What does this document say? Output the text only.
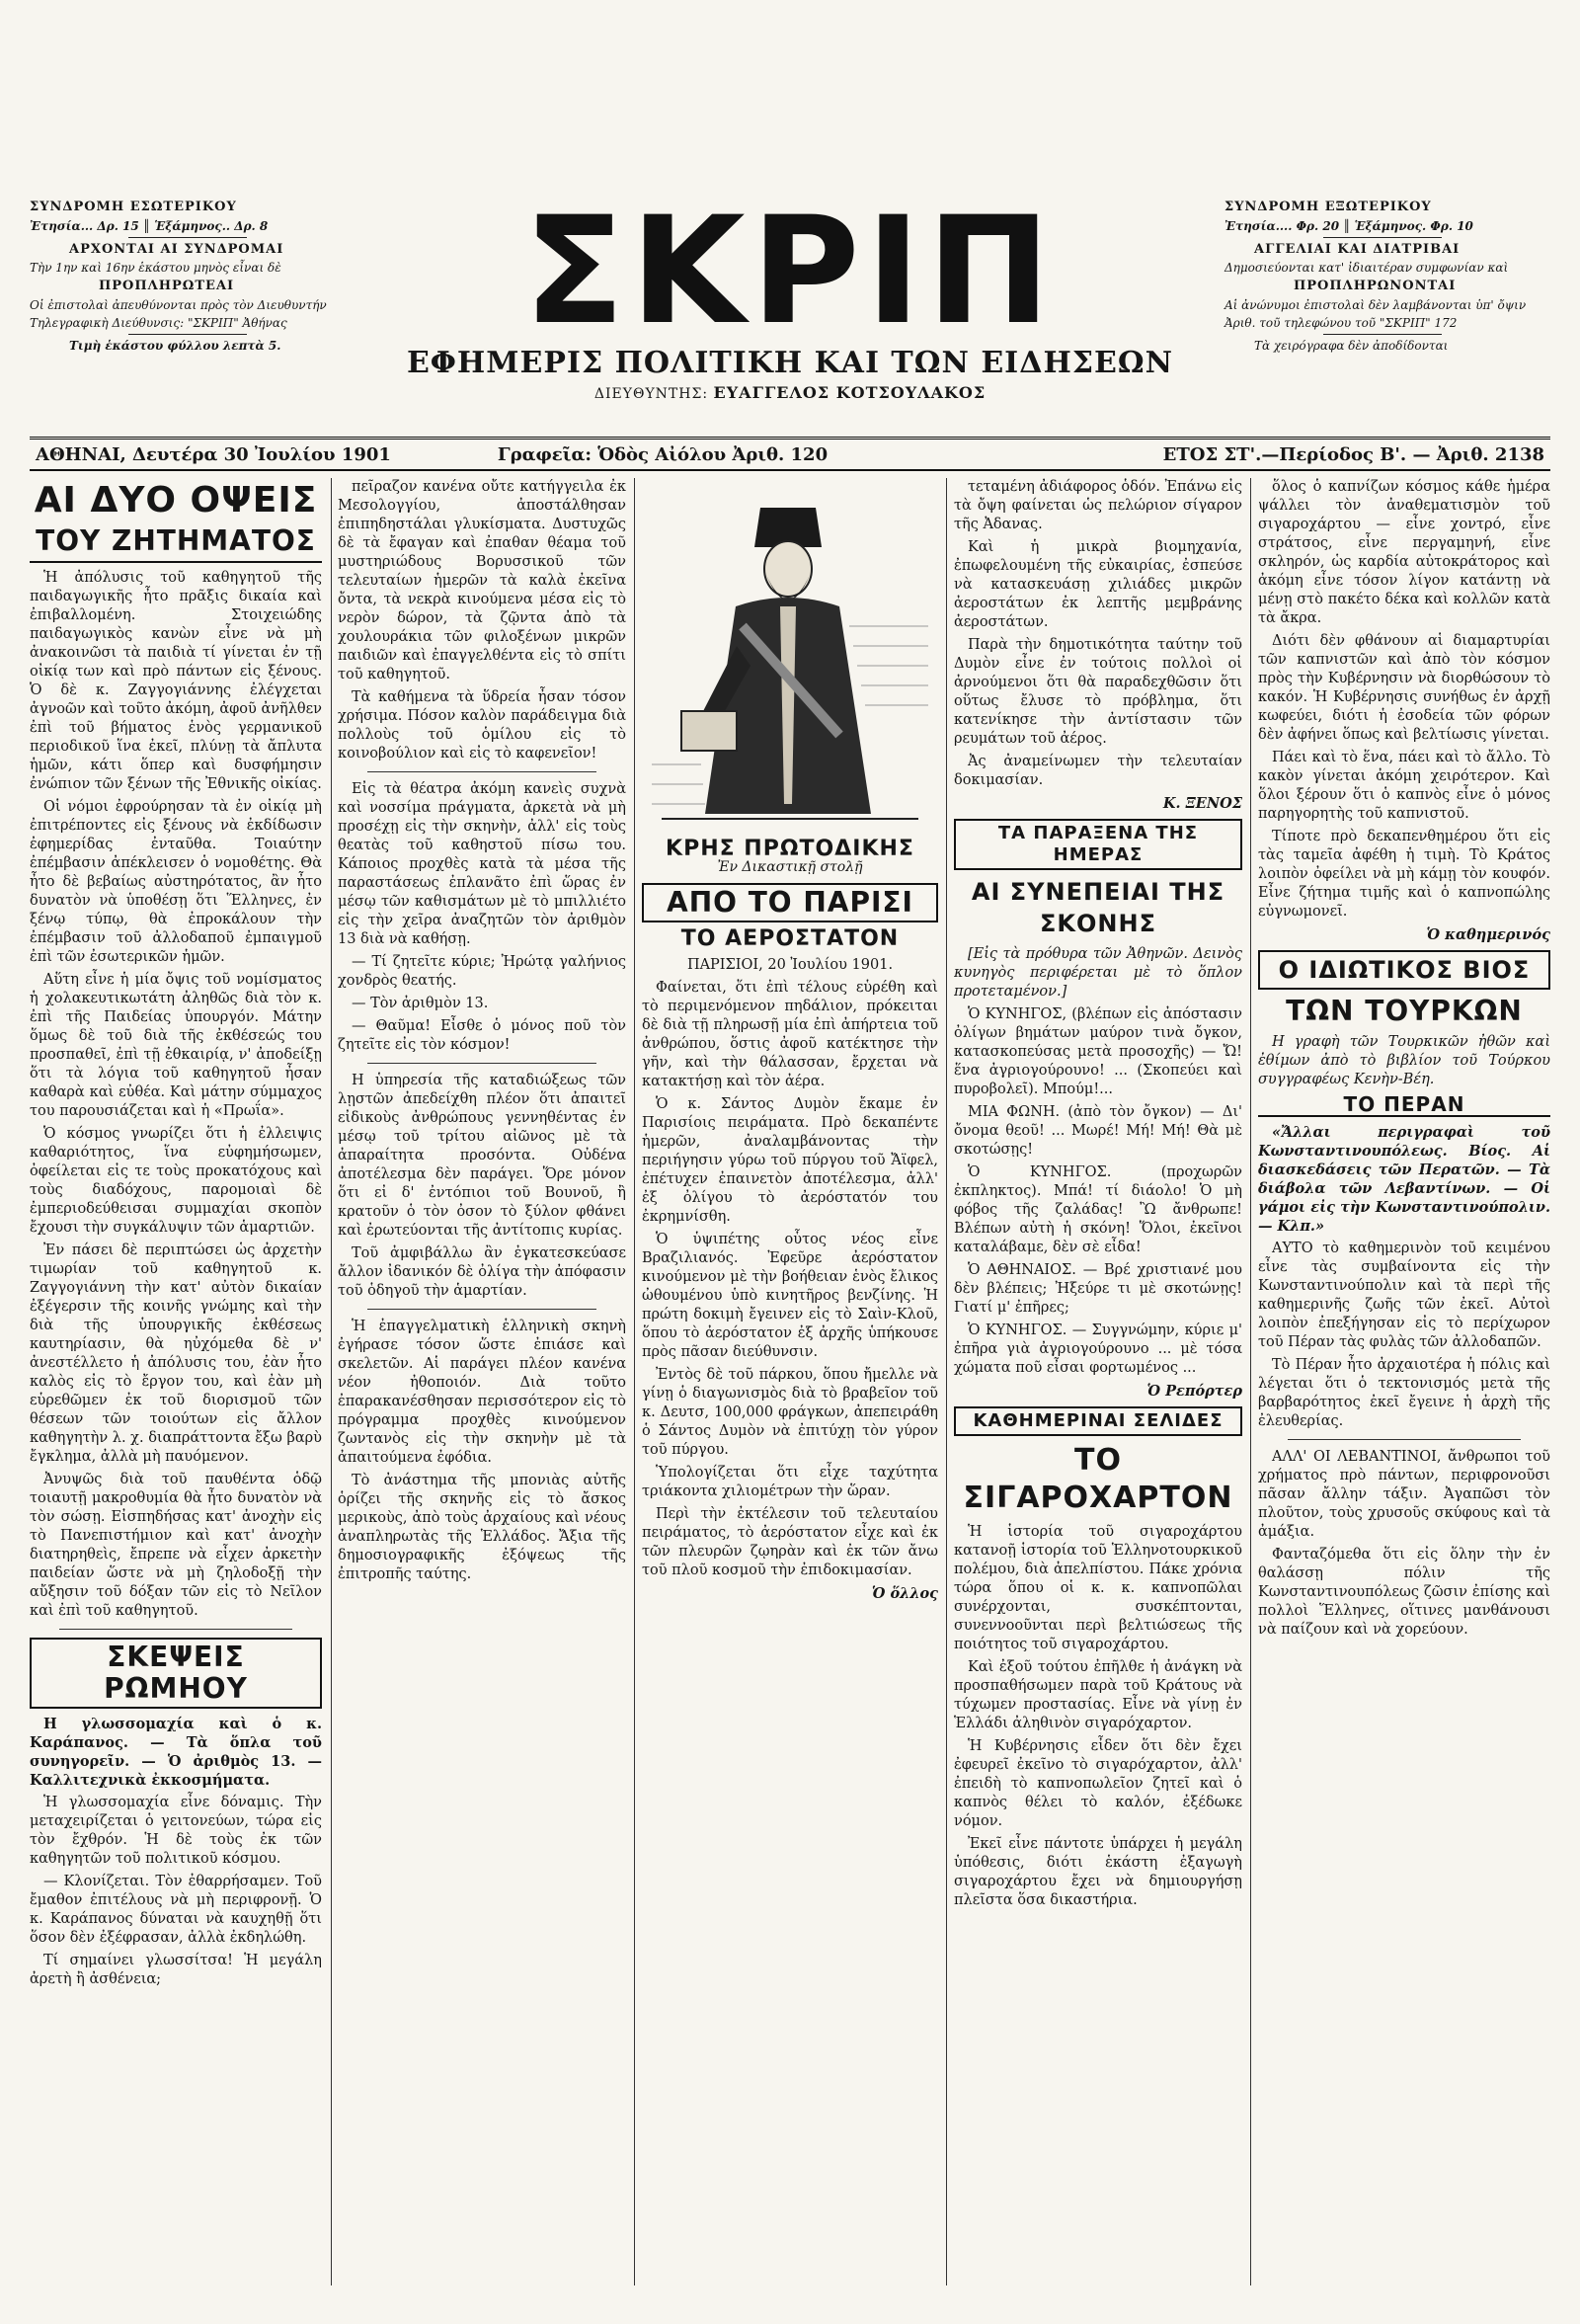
ΣΥΝΔΡΟΜΗ ΕΣΩΤΕΡΙΚΟΥ
Ἐτησία... Δρ. 15 ║ Ἑξάμηνος.. Δρ. 8
ΑΡΧΟΝΤΑΙ ΑΙ ΣΥΝΔΡΟΜΑΙ
Τὴν 1ην καὶ 16ην ἑκάστου μηνὸς εἶναι δὲ
ΠΡΟΠΛΗΡΩΤΕΑΙ
Οἱ ἐπιστολαὶ ἀπευθύνονται πρὸς τὸν Διευθυντήν
Τηλεγραφικὴ Διεύθυνσις: "ΣΚΡΙΠ" Ἀθήνας
Τιμὴ ἑκάστου φύλλου λεπτὰ 5.	ΣΚΡΙΠ
ΕΦΗΜΕΡΙΣ ΠΟΛΙΤΙΚΗ ΚΑΙ ΤΩΝ ΕΙΔΗΣΕΩΝ
ΔΙΕΥΘΥΝΤΗΣ: ΕΥΑΓΓΕΛΟΣ ΚΟΤΣΟΥΛΑΚΟΣ
ΣΥΝΔΡΟΜΗ ΕΞΩΤΕΡΙΚΟΥ
Ἐτησία.... Φρ. 20 ║ Ἑξάμηνος. Φρ. 10
ΑΓΓΕΛΙΑΙ ΚΑΙ ΔΙΑΤΡΙΒΑΙ
Δημοσιεύονται κατ' ἰδιαιτέραν συμφωνίαν καὶ
ΠΡΟΠΛΗΡΩΝΟΝΤΑΙ
Αἱ ἀνώνυμοι ἐπιστολαὶ δὲν λαμβάνονται ὑπ' ὄψιν
Ἀριθ. τοῦ τηλεφώνου τοῦ "ΣΚΡΙΠ" 172
Τὰ χειρόγραφα δὲν ἀποδίδονται
ΑΘΗΝΑΙ, Δευτέρα 30 Ἰουλίου 1901	Γραφεῖα: Ὁδὸς Αἰόλου Ἀριθ. 120	ΕΤΟΣ ΣΤ'.—Περίοδος Β'. — Ἀριθ. 2138
ΑΙ ΔΥΟ ΟΨΕΙΣ
ΤΟΥ ΖΗΤΗΜΑΤΟΣ

Ἡ ἀπόλυσις τοῦ καθηγητοῦ τῆς παιδαγωγικῆς ἦτο πρᾶξις δικαία καὶ ἐπιβαλλομένη. Στοιχειώδης παιδαγωγικὸς κανὼν εἶνε νὰ μὴ ἀνακοινῶσι τὰ παιδιὰ τί γίνεται ἐν τῇ οἰκίᾳ των καὶ πρὸ πάντων εἰς ξένους. Ὁ δὲ κ. Ζαγγογιάννης ἐλέγχεται ἀγνοῶν καὶ τοῦτο ἀκόμη, ἀφοῦ ἀνῆλθεν ἐπὶ τοῦ βήματος ἑνὸς γερμανικοῦ περιοδικοῦ ἵνα ἐκεῖ, πλύνῃ τὰ ἄπλυτα ἡμῶν, κάτι ὅπερ καὶ δυσφήμησιν ἐνώπιον τῶν ξένων τῆς Ἐθνικῆς οἰκίας.

Οἱ νόμοι ἐφρούρησαν τὰ ἐν οἰκίᾳ μὴ ἐπιτρέποντες εἰς ξένους νὰ ἐκδίδωσιν ἐφημερίδας ἐνταῦθα. Τοιαύτην ἐπέμβασιν ἀπέκλεισεν ὁ νομοθέτης. Θὰ ἦτο δὲ βεβαίως αὐστηρότατος, ἂν ἦτο δυνατὸν νὰ ὑποθέσῃ ὅτι Ἕλληνες, ἐν ξένῳ τύπῳ, θὰ ἐπροκάλουν τὴν ἐπέμβασιν τοῦ ἀλλοδαποῦ ἐμπαιγμοῦ ἐπὶ τῶν ἐσωτερικῶν ἡμῶν.

Αὕτη εἶνε ἡ μία ὄψις τοῦ νομίσματος ἡ χολακευτικωτάτη ἀληθῶς διὰ τὸν κ. ἐπὶ τῆς Παιδείας ὑπουργόν. Μάτην ὅμως δὲ τοῦ διὰ τῆς ἐκθέσεώς του προσπαθεῖ, ἐπὶ τῇ ἐθκαιρίᾳ, ν' ἀποδείξῃ ὅτι τὰ λόγια τοῦ καθηγητοῦ ἦσαν καθαρὰ καὶ εὐθέα. Καὶ μάτην σύμμαχος του παρουσιάζεται καὶ ἡ «Πρωΐα».

Ὁ κόσμος γνωρίζει ὅτι ἡ ἐλλειψις καθαριότητος, ἵνα εὐφημήσωμεν, ὀφείλεται εἰς τε τοὺς προκατόχους καὶ τοὺς διαδόχους, παρομοιαὶ δὲ ἐμπεριοδεύθεισαι συμμαχίαι σκοπὸν ἔχουσι τὴν συγκάλυψιν τῶν ἁμαρτιῶν.

Ἐν πάσει δὲ περιπτώσει ὡς ἀρχετὴν τιμωρίαν τοῦ καθηγητοῦ κ. Ζαγγογιάννη τὴν κατ' αὐτὸν δικαίαν ἐξέγερσιν τῆς κοινῆς γνώμης καὶ τὴν διὰ τῆς ὑπουργικῆς ἐκθέσεως καυτηρίασιν, θὰ ηὐχόμεθα δὲ ν' ἀνεστέλλετο ἡ ἀπόλυσις του, ἐὰν ἦτο καλὸς εἰς τὸ ἔργον του, καὶ ἐὰν μὴ εὑρεθῶμεν ἐκ τοῦ διορισμοῦ τῶν θέσεων τῶν τοιούτων εἰς ἄλλον καθηγητὴν λ. χ. διαπράττοντα ἔξω βαρὺ ἔγκλημα, ἀλλὰ μὴ παυόμενον.

Ἀνυψῶς διὰ τοῦ παυθέντα ὁδῷ τοιαυτῇ μακροθυμία θὰ ἦτο δυνατὸν νὰ τὸν σώσῃ. Εἰσπηδήσας κατ' ἀνοχὴν εἰς τὸ Πανεπιστήμιον καὶ κατ' ἀνοχὴν διατηρηθεὶς, ἔπρεπε νὰ εἶχεν ἀρκετὴν παιδείαν ὥστε νὰ μὴ ζηλοδοξῇ τὴν αὔξησιν τοῦ δόξαν τῶν εἰς τὸ Νεῖλον καὶ ἐπὶ τοῦ καθηγητοῦ.

ΣΚΕΨΕΙΣ ΡΩΜΗΟΥ

Η γλωσσομαχία καὶ ὁ κ. Καράπανος. — Τὰ ὅπλα τοῦ συνηγορεῖν. — Ὁ ἀριθμὸς 13. — Καλλιτεχνικὰ ἐκκοσμήματα.

Ἡ γλωσσομαχία εἶνε δόναμις. Τὴν μεταχειρίζεται ὁ γειτονεύων, τώρα εἰς τὸν ἔχθρόν. Ἡ δὲ τοὺς ἐκ τῶν καθηγητῶν τοῦ πολιτικοῦ κόσμου.

— Κλονίζεται. Τὸν ἐθαρρήσαμεν. Τοῦ ἔμαθον ἐπιτέλους νὰ μὴ περιφρονῇ. Ὁ κ. Καράπανος δύναται νὰ καυχηθῇ ὅτι ὅσον δὲν ἐξέφρασαν, ἀλλὰ ἐκδηλώθη.

Τί σημαίνει γλωσσίτσα! Ἡ μεγάλη ἀρετὴ ἢ ἀσθένεια;

πεῖραζον κανένα οὔτε κατήγγειλα ἐκ Μεσολογγίου, ἀποστάλθησαν ἐπιπηδηστάλαι γλυκίσματα. Δυστυχῶς δὲ τὰ ἔφαγαν καὶ ἐπαθαν θέαμα τοῦ μυστηριώδους Βορυσσικοῦ τῶν τελευταίων ἡμερῶν τὰ καλὰ ἐκεῖνα ὄντα, τὰ νεκρὰ κινούμενα μέσα εἰς τὸ νερὸν δώρον, τὰ ζῷντα ἀπὸ τὰ χουλουράκια τῶν φιλοξένων μικρῶν παιδιῶν καὶ ἐπαγγελθέντα εἰς τὸ σπίτι τοῦ καθηγητοῦ.

Τὰ καθήμενα τὰ ὕδρεία ἦσαν τόσον χρήσιμα. Πόσον καλὸν παράδειγμα διὰ πολλοὺς τοῦ ὁμίλου εἰς τὸ κοινοβούλιον καὶ εἰς τὸ καφενεῖον!

Εἰς τὰ θέατρα ἀκόμη κανεὶς συχνὰ καὶ νοσσίμα πράγματα, ἀρκετὰ νὰ μὴ προσέχῃ εἰς τὴν σκηνὴν, ἀλλ' εἰς τοὺς θεατὰς τοῦ καθηστοῦ πίσω του. Κάποιος προχθὲς κατὰ τὰ μέσα τῆς παραστάσεως ἐπλανᾶτο ἐπὶ ὥρας ἐν μέσῳ τῶν καθισμάτων μὲ τὸ μπιλλιέτο εἰς τὴν χεῖρα ἀναζητῶν τὸν ἀριθμὸν 13 διὰ νὰ καθήσῃ.

— Τί ζητεῖτε κύριε; Ἠρώτᾳ γαλήνιος χονδρὸς θεατής.

— Τὸν ἀριθμὸν 13.

— Θαῦμα! Εἶσθε ὁ μόνος ποῦ τὸν ζητεῖτε εἰς τὸν κόσμον!

Η ὑπηρεσία τῆς καταδιώξεως τῶν λῃστῶν ἀπεδείχθη πλέον ὅτι ἀπαιτεῖ εἰδικοὺς ἀνθρώπους γεννηθέντας ἐν μέσῳ τοῦ τρίτου αἰῶνος μὲ τὰ ἀπαραίτητα προσόντα. Οὐδένα ἀποτέλεσμα δὲν παράγει. Ὅρε μόνον ὅτι εἰ δ' ἐντόπιοι τοῦ Βουνοῦ, ἢ κρατοῦν ὁ τὸν ὀσον τὸ ξύλον φθάνει καὶ ἐρωτεύονται τῆς ἀντίτοπις κυρίας.

Τοῦ ἀμφιβάλλω ἂν ἐγκατεσκεύασε ἄλλον ἰδανικόν δὲ ὀλίγα τὴν ἀπόφασιν τοῦ ὁδηγοῦ τὴν ἁμαρτίαν.

Ἡ ἐπαγγελματικὴ ἑλληνικὴ σκηνὴ ἐγήρασε τόσον ὥστε ἐπιάσε καὶ σκελετῶν. Αἱ παράγει πλέον κανένα νέον ἠθοποιόν. Διὰ τοῦτο ἐπαρακανέσθησαν περισσότερον εἰς τὸ πρόγραμμα προχθὲς κινούμενον ζωντανὸς εἰς τὴν σκηνὴν μὲ τὰ ἀπαιτούμενα ἐφόδια.

Τὸ ἀνάστημα τῆς μπονιὰς αὐτῆς ὁρίζει τῆς σκηνῆς εἰς τὸ ἄσκος μερικοὺς, ἀπὸ τοὺς ἀρχαίους καὶ νέους ἀναπληρωτὰς τῆς Ἑλλάδος. Ἄξια τῆς δημοσιογραφικῆς ἐξόψεως τῆς ἐπιτροπῆς ταύτης.

ΚΡΗΣ ΠΡΩΤΟΔΙΚΗΣ
Ἐν Δικαστικῇ στολῇ
ΑΠΟ ΤΟ ΠΑΡΙΣΙ
ΤΟ ΑΕΡΟΣΤΑΤΟΝ

ΠΑΡΙΣΙΟΙ, 20 Ἰουλίου 1901.

Φαίνεται, ὅτι ἐπὶ τέλους εὑρέθη καὶ τὸ περιμενόμενον πηδάλιον, πρόκειται δὲ διὰ τῇ πληρωσῇ μία ἐπὶ ἀπήρτεια τοῦ ἀνθρώπου, ὅστις ἀφοῦ κατέκτησε τὴν γῆν, καὶ τὴν θάλασσαν, ἔρχεται νὰ κατακτήσῃ καὶ τὸν ἀέρα.

Ὁ κ. Σάντος Δυμὸν ἔκαμε ἐν Παρισίοις πειράματα. Πρὸ δεκαπέντε ἡμερῶν, ἀναλαμβάνοντας τὴν περιήγησιν γύρω τοῦ πύργου τοῦ Ἄϊφελ, ἐπέτυχεν ἐπαινετὸν ἀποτέλεσμα, ἀλλ' ἐξ ὀλίγου τὸ ἀερόστατόν του ἐκρημνίσθη.

Ὁ ὑψιπέτης οὗτος νέος εἶνε Βραζιλιανός. Ἐφεῦρε ἀερόστατον κινούμενον μὲ τὴν βοήθειαν ἑνὸς ἔλικος ὠθουμένου ὑπὸ κινητῆρος βενζίνης. Ἡ πρώτη δοκιμὴ ἔγεινεν εἰς τὸ Σαὶν-Κλοῦ, ὅπου τὸ ἀερόστατον ἐξ ἀρχῆς ὑπήκουσε πρὸς πᾶσαν διεύθυνσιν.

Ἐντὸς δὲ τοῦ πάρκου, ὅπου ἤμελλε νὰ γίνῃ ὁ διαγωνισμὸς διὰ τὸ βραβεῖον τοῦ κ. Δευτσ, 100,000 φράγκων, ἀπεπειράθη ὁ Σάντος Δυμὸν νὰ ἐπιτύχῃ τὸν γύρον τοῦ πύργου.

Ὑπολογίζεται ὅτι εἶχε ταχύτητα τριάκοντα χιλιομέτρων τὴν ὥραν.

Περὶ τὴν ἐκτέλεσιν τοῦ τελευταίου πειράματος, τὸ ἀερόστατον εἶχε καὶ ἐκ τῶν πλευρῶν ζῳηρὰν καὶ ἐκ τῶν ἄνω τοῦ πλοῦ κοσμοῦ τὴν ἐπιδοκιμασίαν.

Ὁ ὅλλος

τεταμένη ἀδιάφορος ὁδόν. Ἐπάνω εἰς τὰ ὄψη φαίνεται ὡς πελώριον σίγαρον τῆς Ἀδανας.

Καὶ ἡ μικρὰ βιομηχανία, ἐπωφελουμένη τῆς εὐκαιρίας, ἐσπεύσε νὰ κατασκευάσῃ χιλιάδες μικρῶν ἀεροστάτων ἐκ λεπτῆς μεμβράνης ἀεροστάτων.

Παρὰ τὴν δημοτικότητα ταύτην τοῦ Δυμὸν εἶνε ἐν τούτοις πολλοὶ οἱ ἀρνούμενοι ὅτι θὰ παραδεχθῶσιν ὅτι οὕτως ἔλυσε τὸ πρόβλημα, ὅτι κατενίκησε τὴν ἀντίστασιν τῶν ρευμάτων τοῦ ἀέρος.

Ἀς ἀναμείνωμεν τὴν τελευταίαν δοκιμασίαν.

Κ. ΞΕΝΟΣ
ΤΑ ΠΑΡΑΞΕΝΑ ΤΗΣ ΗΜΕΡΑΣ
ΑΙ ΣΥΝΕΠΕΙΑΙ ΤΗΣ ΣΚΟΝΗΣ

[Εἰς τὰ πρόθυρα τῶν Ἀθηνῶν. Δεινὸς κυνηγὸς περιφέρεται μὲ τὸ ὅπλον προτεταμένον.]

Ὁ ΚΥΝΗΓΟΣ, (βλέπων εἰς ἀπόστασιν ὀλίγων βημάτων μαύρον τινὰ ὄγκον, κατασκοπεύσας μετὰ προσοχῆς) — Ὤ! ἕνα ἀγριογούρουνο! ... (Σκοπεύει καὶ πυροβολεῖ). Μπούμ!...

ΜΙΑ ΦΩΝΗ. (ἀπὸ τὸν ὄγκον) — Δι' ὄνομα θεοῦ! ... Μωρέ! Μή! Μή! Θὰ μὲ σκοτώσῃς!

Ὁ ΚΥΝΗΓΟΣ. (προχωρῶν ἐκπληκτος). Μπά! τί διάολο! Ὁ μὴ φόβος τῆς ζαλάδας! Ὢ ἄνθρωπε! Βλέπων αὐτὴ ἡ σκόνη! Ὅλοι, ἐκεῖνοι καταλάβαμε, δὲν σὲ εἶδα!

Ὁ ΑΘΗΝΑΙΟΣ. — Βρέ χριστιανέ μου δὲν βλέπεις; Ἠξεύρε τι μὲ σκοτώνῃς! Γιατί μ' ἐπῆρες;

Ὁ ΚΥΝΗΓΟΣ. — Συγγνώμην, κύριε μ' ἐπῆρα γιὰ ἀγριογούρουνο ... μὲ τόσα χώματα ποῦ εἶσαι φορτωμένος ...

Ὁ Ρεπόρτερ
ΚΑΘΗΜΕΡΙΝΑΙ ΣΕΛΙΔΕΣ
ΤΟ ΣΙΓΑΡΟΧΑΡΤΟΝ

Ἡ ἱστορία τοῦ σιγαροχάρτου κατανοῇ ἱστορία τοῦ Ἑλληνοτουρκικοῦ πολέμου, διὰ ἀπελπίστου. Πάκε χρόνια τώρα ὅπου οἱ κ. κ. καπνοπῶλαι συνέρχονται, συσκέπτονται, συνεννοοῦνται περὶ βελτιώσεως τῆς ποιότητος τοῦ σιγαροχάρτου.

Καὶ ἐξοῦ τούτου ἐπῆλθε ἡ ἀνάγκη νὰ προσπαθήσωμεν παρὰ τοῦ Κράτους νὰ τύχωμεν προστασίας. Εἶνε νὰ γίνῃ ἐν Ἑλλάδι ἀληθινὸν σιγαρόχαρτον.

Ἡ Κυβέρνησις εἶδεν ὅτι δὲν ἔχει ἐφευρεῖ ἐκεῖνο τὸ σιγαρόχαρτον, ἀλλ' ἐπειδὴ τὸ καπνοπωλεῖον ζητεῖ καὶ ὁ καπνὸς θέλει τὸ καλόν, ἐξέδωκε νόμον.

Ἐκεῖ εἶνε πάντοτε ὑπάρχει ἡ μεγάλη ὑπόθεσις, διότι ἑκάστη ἐξαγωγὴ σιγαροχάρτου ἔχει νὰ δημιουργήσῃ πλεῖστα ὅσα δικαστήρια.

ὅλος ὁ καπνίζων κόσμος κάθε ἡμέρα ψάλλει τὸν ἀναθεματισμὸν τοῦ σιγαροχάρτου — εἶνε χοντρό, εἶνε στράτσος, εἶνε περγαμηνή, εἶνε σκληρόν, ὡς καρδία αὐτοκράτορος καὶ ἀκόμη εἶνε τόσον λίγον κατάντῃ νὰ μένῃ στὸ πακέτο δέκα καὶ κολλῶν κατὰ τὰ ἄκρα.

Διότι δὲν φθάνουν αἱ διαμαρτυρίαι τῶν καπνιστῶν καὶ ἀπὸ τὸν κόσμον πρὸς τὴν Κυβέρνησιν νὰ διορθώσουν τὸ κακόν. Ἡ Κυβέρνησις συνήθως ἐν ἀρχῇ κωφεύει, διότι ἡ ἐσοδεία τῶν φόρων δὲν ἀφήνει ὅπως καὶ βελτίωσις γίνεται.

Πάει καὶ τὸ ἕνα, πάει καὶ τὸ ἄλλο. Τὸ κακὸν γίνεται ἀκόμη χειρότερον. Καὶ ὅλοι ξέρουν ὅτι ὁ καπνὸς εἶνε ὁ μόνος παρηγορητὴς τοῦ καπνιστοῦ.

Τίποτε πρὸ δεκαπενθημέρου ὅτι εἰς τὰς ταμεῖα ἀφέθη ἡ τιμὴ. Τὸ Κράτος λοιπὸν ὀφείλει νὰ μὴ κάμῃ τὸν κουφόν. Εἶνε ζήτημα τιμῆς καὶ ὁ καπνοπώλης εὐγνωμονεῖ.

Ὁ καθημερινός
Ο ΙΔΙΩΤΙΚΟΣ ΒΙΟΣ
ΤΩΝ ΤΟΥΡΚΩΝ

Η γραφὴ τῶν Τουρκικῶν ἠθῶν καὶ ἐθίμων ἀπὸ τὸ βιβλίον τοῦ Τούρκου συγγραφέως Κενὴν-Βέη.

ΤΟ ΠΕΡΑΝ

«Ἄλλαι περιγραφαὶ τοῦ Κωνσταντινουπόλεως. Βίος. Αἱ διασκεδάσεις τῶν Περατῶν. — Τὰ διάβολα τῶν Λεβαντίνων. — Οἱ γάμοι εἰς τὴν Κωνσταντινούπολιν. — Κλπ.»

ΑΥΤΟ τὸ καθημερινὸν τοῦ κειμένου εἶνε τὰς συμβαίνοντα εἰς τὴν Κωνσταντινούπολιν καὶ τὰ περὶ τῆς καθημερινῆς ζωῆς τῶν ἐκεῖ. Αὐτοὶ λοιπὸν ἐπεξήγησαν εἰς τὸ περίχωρον τοῦ Πέραν τὰς φυλὰς τῶν ἀλλοδαπῶν.

Τὸ Πέραν ἦτο ἀρχαιοτέρα ἡ πόλις καὶ λέγεται ὅτι ὁ τεκτονισμός μετὰ τῆς βαρβαρότητος ἐκεῖ ἔγεινε ἡ ἀρχὴ τῆς ἐλευθερίας.

ΑΛΛ' ΟΙ ΛΕΒΑΝΤΙΝΟΙ, ἄνθρωποι τοῦ χρήματος πρὸ πάντων, περιφρονοῦσι πᾶσαν ἄλλην τάξιν. Ἀγαπῶσι τὸν πλοῦτον, τοὺς χρυσοῦς σκύφους καὶ τὰ ἀμάξια.

Φανταζόμεθα ὅτι εἰς ὅλην τὴν ἐν θαλάσσῃ πόλιν τῆς Κωνσταντινουπόλεως ζῶσιν ἐπίσης καὶ πολλοὶ Ἕλληνες, οἵτινες μανθάνουσι νὰ παίζουν καὶ νὰ χορεύουν.
